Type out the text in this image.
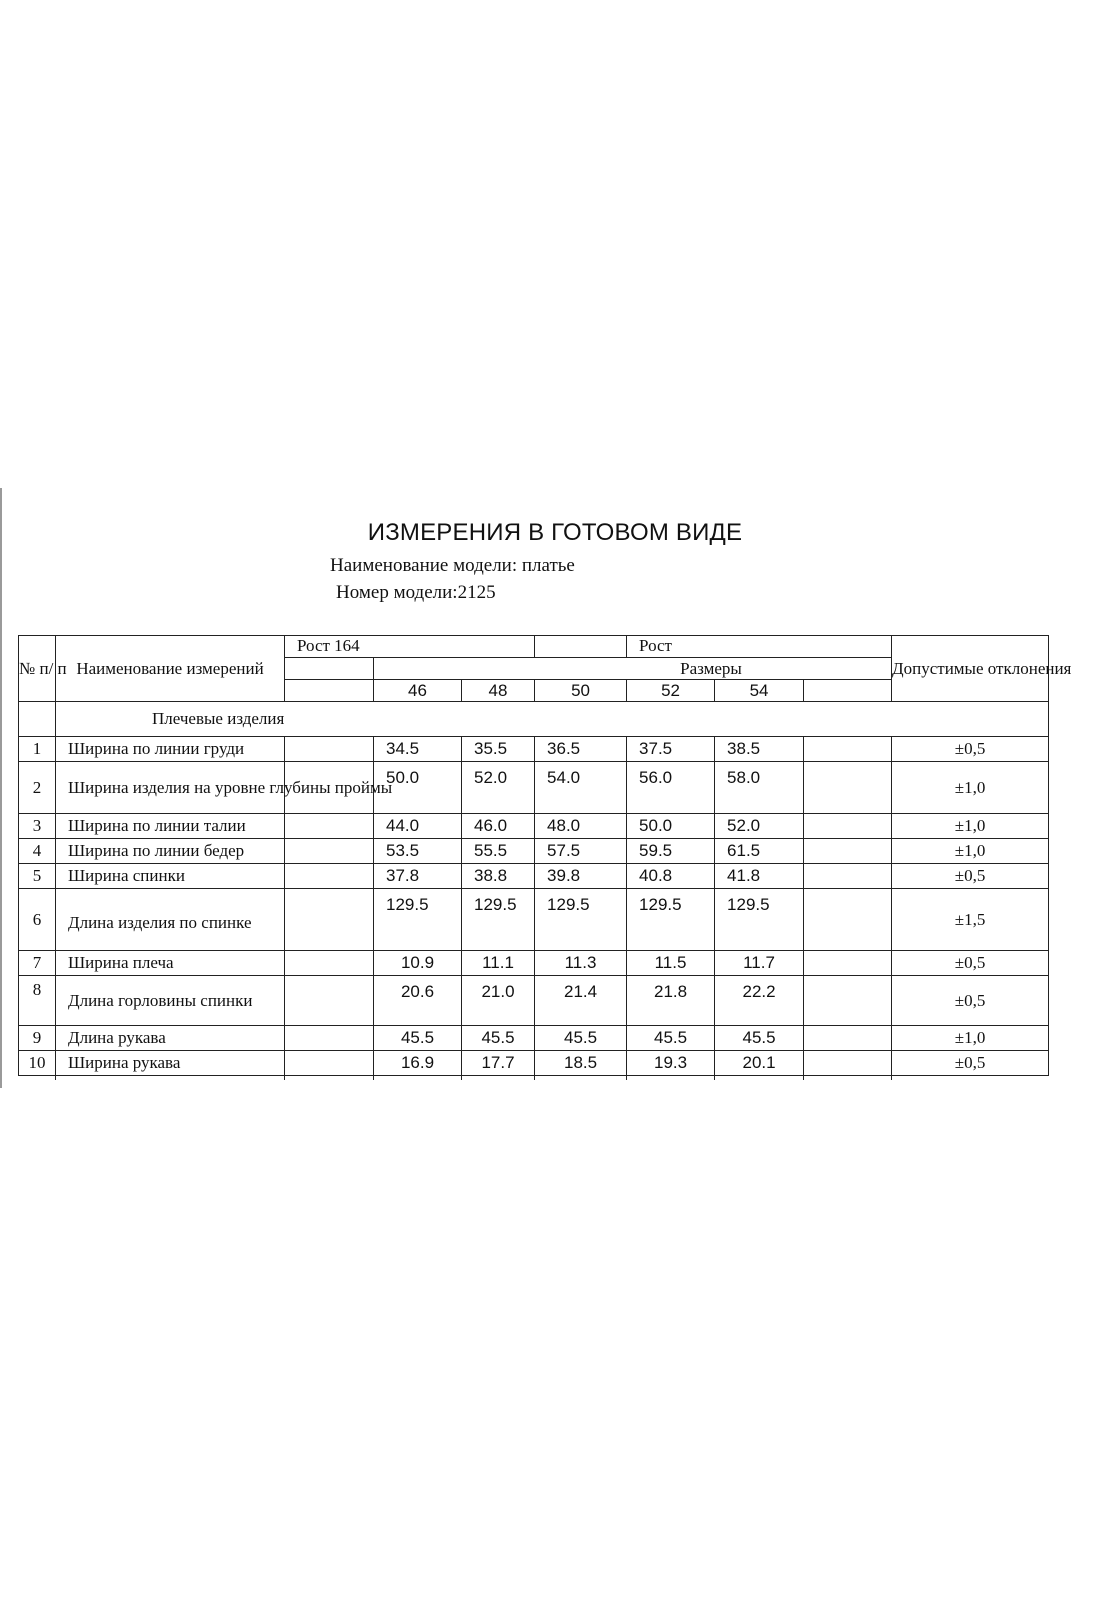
ИЗМЕРЕНИЯ В ГОТОВОМ ВИДЕ
Наименование модели: платье
Номер модели:2125
№ п/ п	Наименование измерений	Рост 164				Рост			Допустимые отклонения
			Размеры						
			46	48	50	52	54		
	Плечевые изделия								
1	Ширина по линии груди		34.5	35.5	36.5	37.5	38.5		±0,5
2	Ширина изделия на уровне глубины проймы		50.0	52.0	54.0	56.0	58.0		±1,0
3	Ширина по линии талии		44.0	46.0	48.0	50.0	52.0		±1,0
4	Ширина по линии бедер		53.5	55.5	57.5	59.5	61.5		±1,0
5	Ширина спинки		37.8	38.8	39.8	40.8	41.8		±0,5
6	Длина изделия по спинке		129.5	129.5	129.5	129.5	129.5		±1,5
7	Ширина плеча		10.9	11.1	11.3	11.5	11.7		±0,5
8	Длина горловины спинки		20.6	21.0	21.4	21.8	22.2		±0,5
9	Длина рукава		45.5	45.5	45.5	45.5	45.5		±1,0
10	Ширина рукава		16.9	17.7	18.5	19.3	20.1		±0,5
